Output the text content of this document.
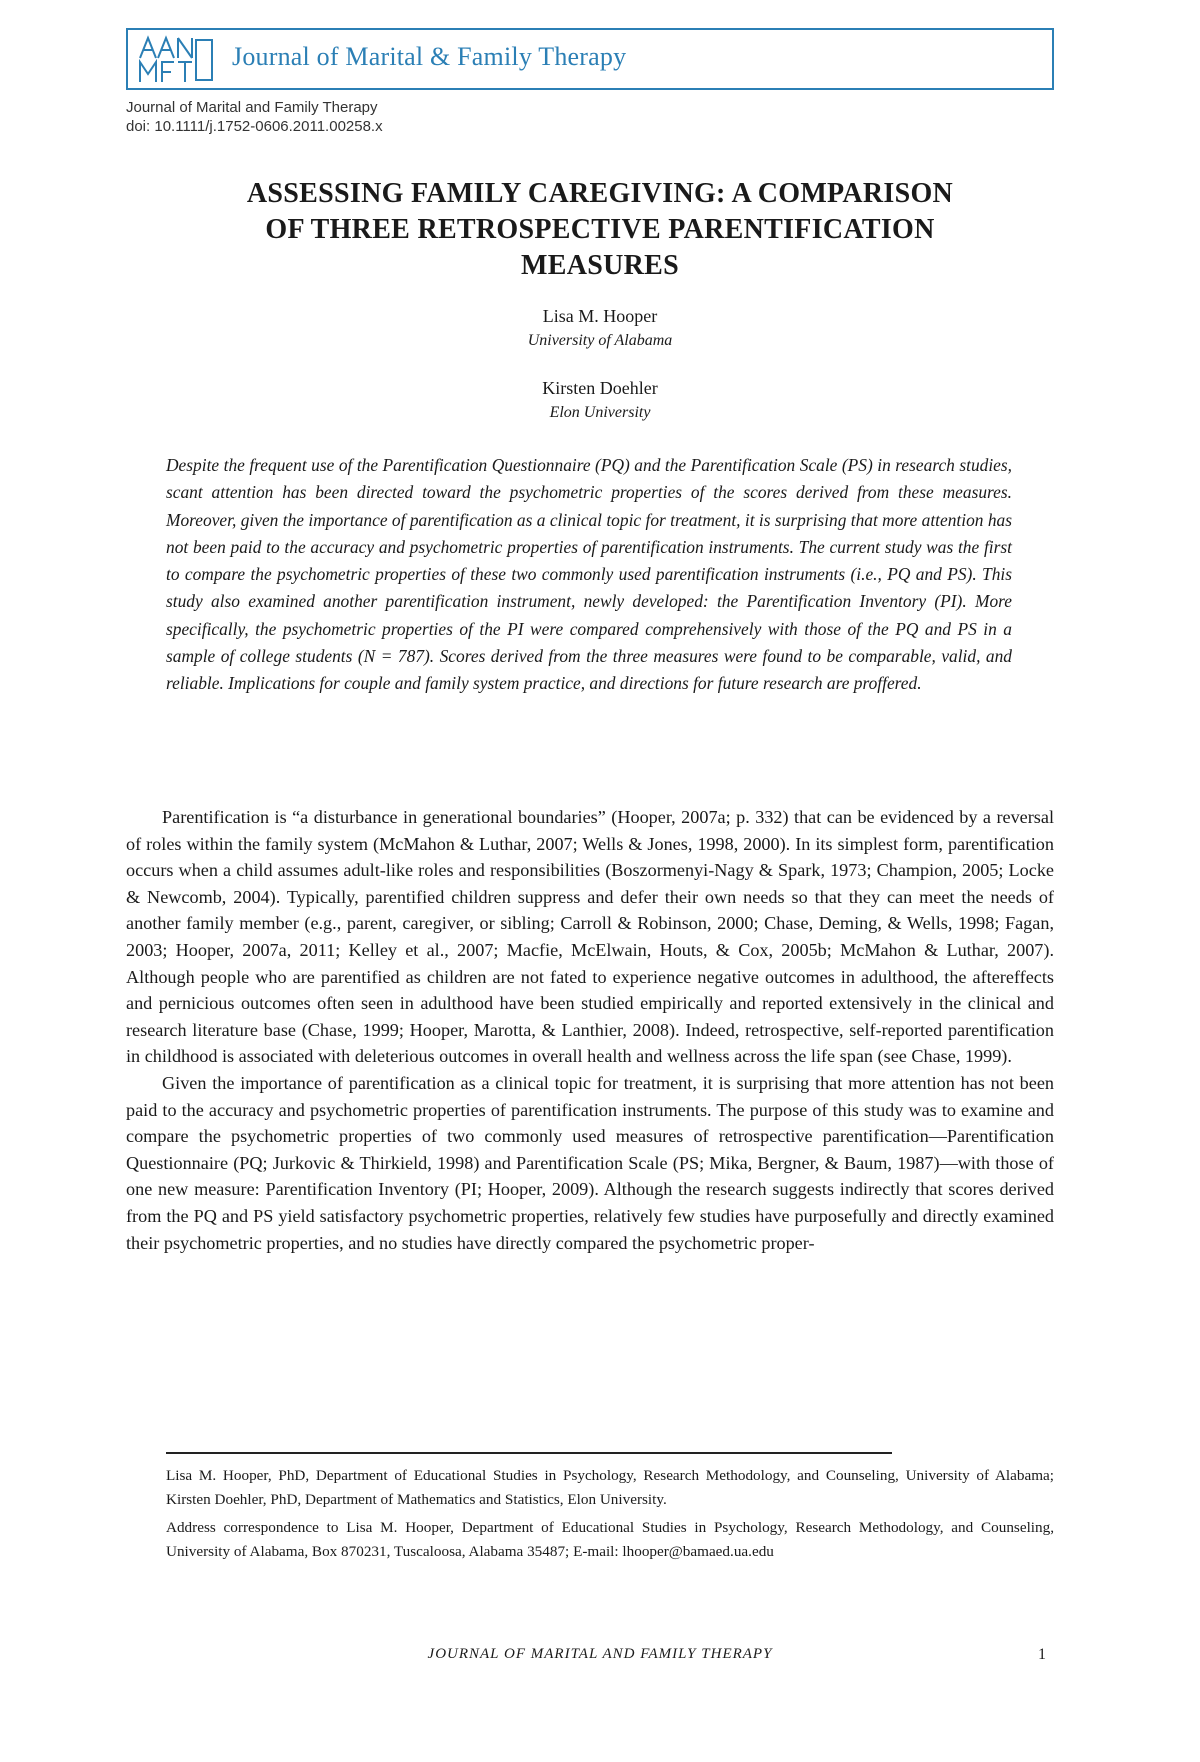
Journal of Marital & Family Therapy
Journal of Marital and Family Therapy
doi: 10.1111/j.1752-0606.2011.00258.x
ASSESSING FAMILY CAREGIVING: A COMPARISON
OF THREE RETROSPECTIVE PARENTIFICATION
MEASURES
Lisa M. Hooper
University of Alabama
Kirsten Doehler
Elon University

Despite the frequent use of the Parentification Questionnaire (PQ) and the Parentification Scale (PS) in research studies, scant attention has been directed toward the psychometric properties of the scores derived from these measures. Moreover, given the importance of parentification as a clinical topic for treatment, it is surprising that more attention has not been paid to the accuracy and psychometric properties of parentification instruments. The current study was the first to compare the psychometric properties of these two commonly used parentification instruments (i.e., PQ and PS). This study also examined another parentification instrument, newly developed: the Parentification Inventory (PI). More specifically, the psychometric properties of the PI were compared comprehensively with those of the PQ and PS in a sample of college students (N = 787). Scores derived from the three measures were found to be comparable, valid, and reliable. Implications for couple and family system practice, and directions for future research are proffered.

Parentification is “a disturbance in generational boundaries” (Hooper, 2007a; p. 332) that can be evidenced by a reversal of roles within the family system (McMahon & Luthar, 2007; Wells & Jones, 1998, 2000). In its simplest form, parentification occurs when a child assumes adult-like roles and responsibilities (Boszormenyi-Nagy & Spark, 1973; Champion, 2005; Locke & Newcomb, 2004). Typically, parentified children suppress and defer their own needs so that they can meet the needs of another family member (e.g., parent, caregiver, or sibling; Carroll & Robinson, 2000; Chase, Deming, & Wells, 1998; Fagan, 2003; Hooper, 2007a, 2011; Kelley et al., 2007; Macfie, McElwain, Houts, & Cox, 2005b; McMahon & Luthar, 2007). Although people who are parentified as children are not fated to experience negative outcomes in adulthood, the aftereffects and pernicious outcomes often seen in adulthood have been studied empirically and reported extensively in the clinical and research literature base (Chase, 1999; Hooper, Marotta, & Lanthier, 2008). Indeed, retrospective, self-reported parentification in childhood is associated with deleterious outcomes in overall health and wellness across the life span (see Chase, 1999).

Given the importance of parentification as a clinical topic for treatment, it is surprising that more attention has not been paid to the accuracy and psychometric properties of parentification instruments. The purpose of this study was to examine and compare the psychometric properties of two commonly used measures of retrospective parentification—Parentification Questionnaire (PQ; Jurkovic & Thirkield, 1998) and Parentification Scale (PS; Mika, Bergner, & Baum, 1987)—with those of one new measure: Parentification Inventory (PI; Hooper, 2009). Although the research suggests indirectly that scores derived from the PQ and PS yield satisfactory psychometric properties, relatively few studies have purposefully and directly examined their psychometric properties, and no studies have directly compared the psychometric proper-

Lisa M. Hooper, PhD, Department of Educational Studies in Psychology, Research Methodology, and Counseling, University of Alabama; Kirsten Doehler, PhD, Department of Mathematics and Statistics, Elon University.

Address correspondence to Lisa M. Hooper, Department of Educational Studies in Psychology, Research Methodology, and Counseling, University of Alabama, Box 870231, Tuscaloosa, Alabama 35487; E-mail: lhooper@bamaed.ua.edu

JOURNAL OF MARITAL AND FAMILY THERAPY	1
